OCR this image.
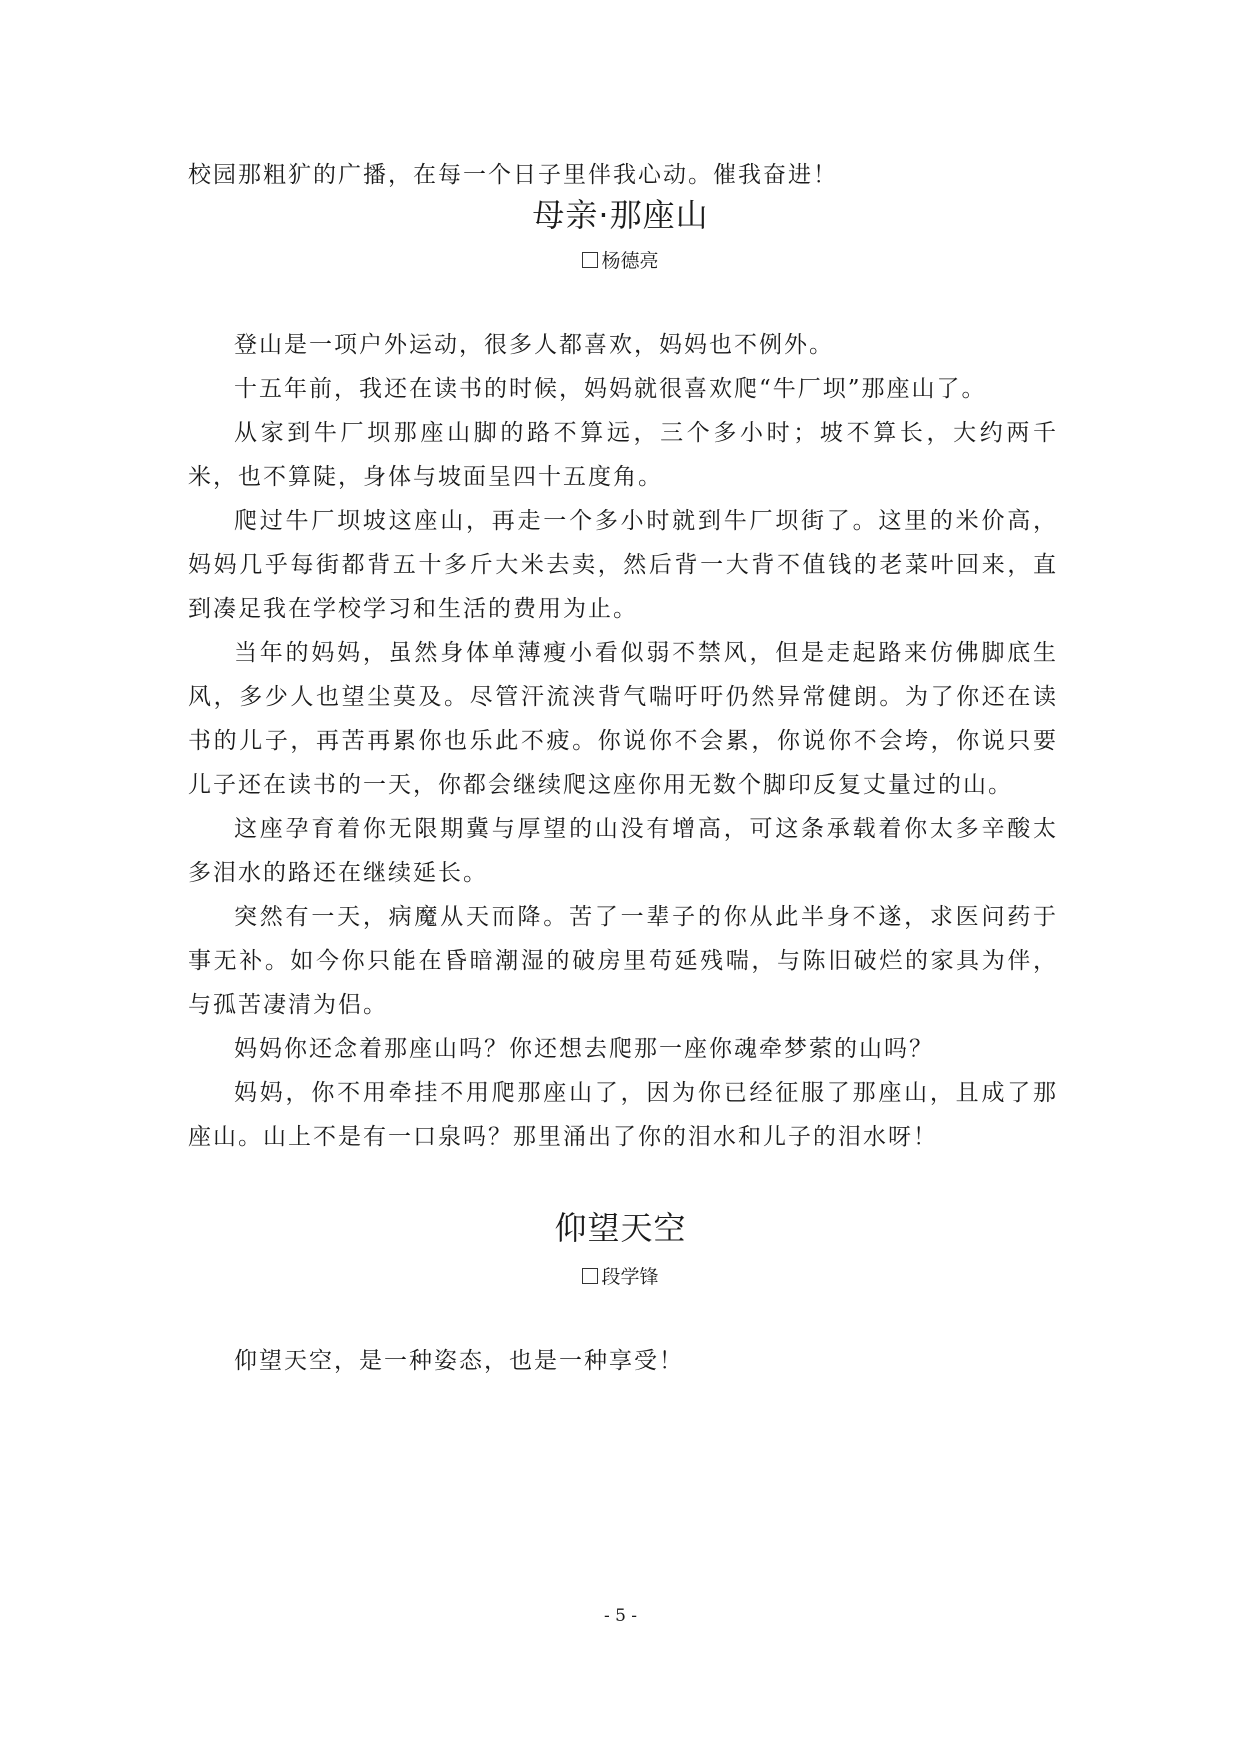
校园那粗犷的广播，在每一个日子里伴我心动。催我奋进！
母亲·那座山
杨德亮

登山是一项户外运动，很多人都喜欢，妈妈也不例外。

十五年前，我还在读书的时候，妈妈就很喜欢爬“牛厂坝”那座山了。

从家到牛厂坝那座山脚的路不算远，三个多小时；坡不算长，大约两千米，也不算陡，身体与坡面呈四十五度角。

爬过牛厂坝坡这座山，再走一个多小时就到牛厂坝街了。这里的米价高，妈妈几乎每街都背五十多斤大米去卖，然后背一大背不值钱的老菜叶回来，直到凑足我在学校学习和生活的费用为止。

当年的妈妈，虽然身体单薄瘦小看似弱不禁风，但是走起路来仿佛脚底生风，多少人也望尘莫及。尽管汗流浃背气喘吁吁仍然异常健朗。为了你还在读书的儿子，再苦再累你也乐此不疲。你说你不会累，你说你不会垮，你说只要儿子还在读书的一天，你都会继续爬这座你用无数个脚印反复丈量过的山。

这座孕育着你无限期冀与厚望的山没有增高，可这条承载着你太多辛酸太多泪水的路还在继续延长。

突然有一天，病魔从天而降。苦了一辈子的你从此半身不遂，求医问药于事无补。如今你只能在昏暗潮湿的破房里苟延残喘，与陈旧破烂的家具为伴，与孤苦凄清为侣。

妈妈你还念着那座山吗？你还想去爬那一座你魂牵梦萦的山吗？

妈妈，你不用牵挂不用爬那座山了，因为你已经征服了那座山，且成了那座山。山上不是有一口泉吗？那里涌出了你的泪水和儿子的泪水呀！

仰望天空
段学锋

仰望天空，是一种姿态，也是一种享受！

- 5 -
